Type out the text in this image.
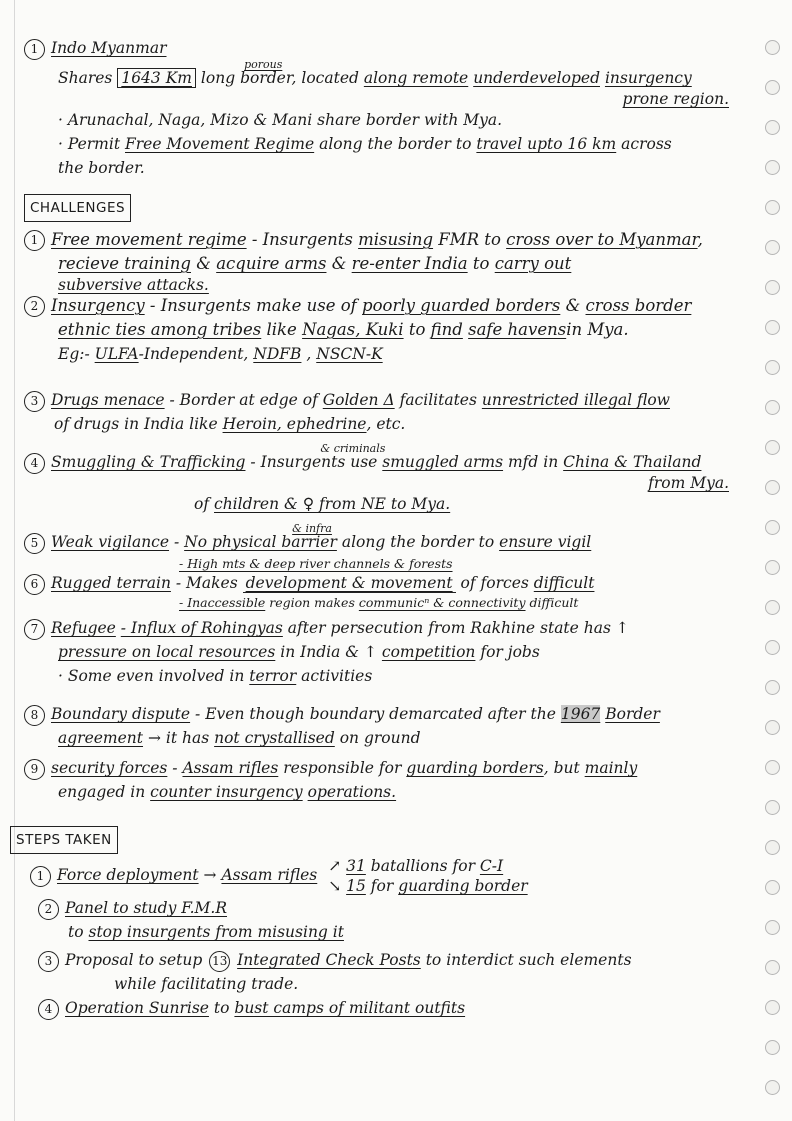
1 Indo Myanmar
Shares 1643 Km long
porous
border, located along remote underdeveloped insurgency
prone region.
· Arunachal, Naga, Mizo & Mani share border with Mya.
· Permit Free Movement Regime along the border to travel upto 16 km across
the border.
CHALLENGES
1 Free movement regime - Insurgents misusing FMR to cross over to Myanmar,
recieve training & acquire arms & re-enter India to carry out
subversive attacks.
2 Insurgency - Insurgents make use of poorly guarded borders & cross border
ethnic ties among tribes like Nagas, Kuki to find safe havensin Mya.
Eg:- ULFA-Independent, NDFB , NSCN-K
3 Drugs menace - Border at edge of Golden Δ facilitates unrestricted illegal flow
of drugs in India like Heroin, ephedrine, etc.
4 Smuggling & Trafficking
& criminals
- Insurgents use smuggled arms mfd in China & Thailand
from Mya.
of children & ♀ from NE to Mya.
5 Weak vigilance -
& infra
No physical barrier along the border to ensure vigil
- High mts & deep river channels & forests
6 Rugged terrain - Makes development & movement of forces difficult
- Inaccessible region makes communicⁿ & connectivity difficult
7 Refugee - Influx of Rohingyas after persecution from Rakhine state has ↑
pressure on local resources in India & ↑ competition for jobs
· Some even involved in terror activities
8 Boundary dispute - Even though boundary demarcated after the 1967 Border
agreement → it has not crystallised on ground
9 security forces - Assam rifles responsible for guarding borders, but mainly
engaged in counter insurgency operations.
STEPS TAKEN
1 Force deployment → Assam rifles ↗ 31 batallions for C-I
↘ 15 for guarding border
2 Panel to study F.M.R
to stop insurgents from misusing it
3 Proposal to setup 13 Integrated Check Posts to interdict such elements
while facilitating trade.
4 Operation Sunrise to bust camps of militant outfits
